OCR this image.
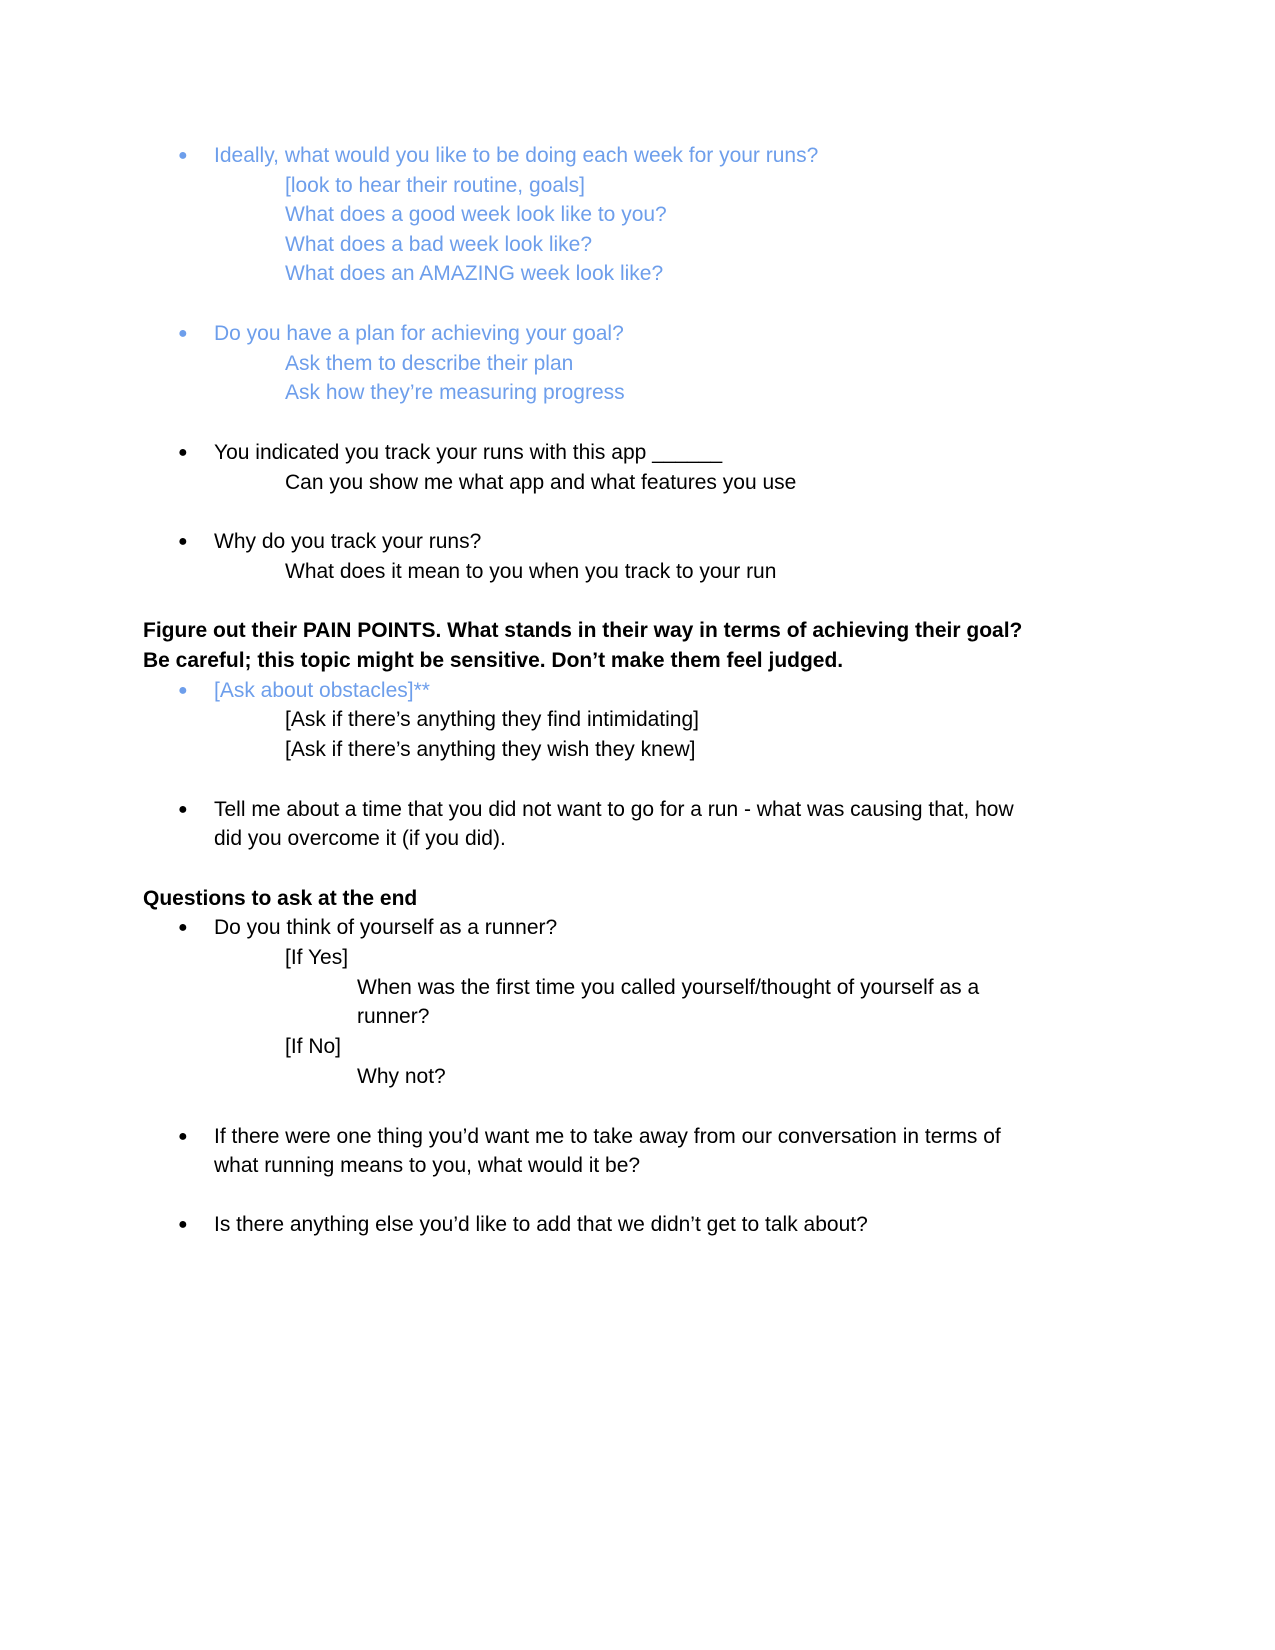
● Ideally, what would you like to be doing each week for your runs?
[look to hear their routine, goals]
What does a good week look like to you?
What does a bad week look like?
What does an AMAZING week look like?
● Do you have a plan for achieving your goal?
Ask them to describe their plan
Ask how they’re measuring progress
● You indicated you track your runs with this app ______
Can you show me what app and what features you use
● Why do you track your runs?
What does it mean to you when you track to your run
Figure out their PAIN POINTS. What stands in their way in terms of achieving their goal?
Be careful; this topic might be sensitive. Don’t make them feel judged.
● [Ask about obstacles]**
[Ask if there’s anything they find intimidating]
[Ask if there’s anything they wish they knew]
● Tell me about a time that you did not want to go for a run - what was causing that, how
did you overcome it (if you did).
Questions to ask at the end
● Do you think of yourself as a runner?
[If Yes]
When was the first time you called yourself/thought of yourself as a
runner?
[If No]
Why not?
● If there were one thing you’d want me to take away from our conversation in terms of
what running means to you, what would it be?
● Is there anything else you’d like to add that we didn’t get to talk about?
